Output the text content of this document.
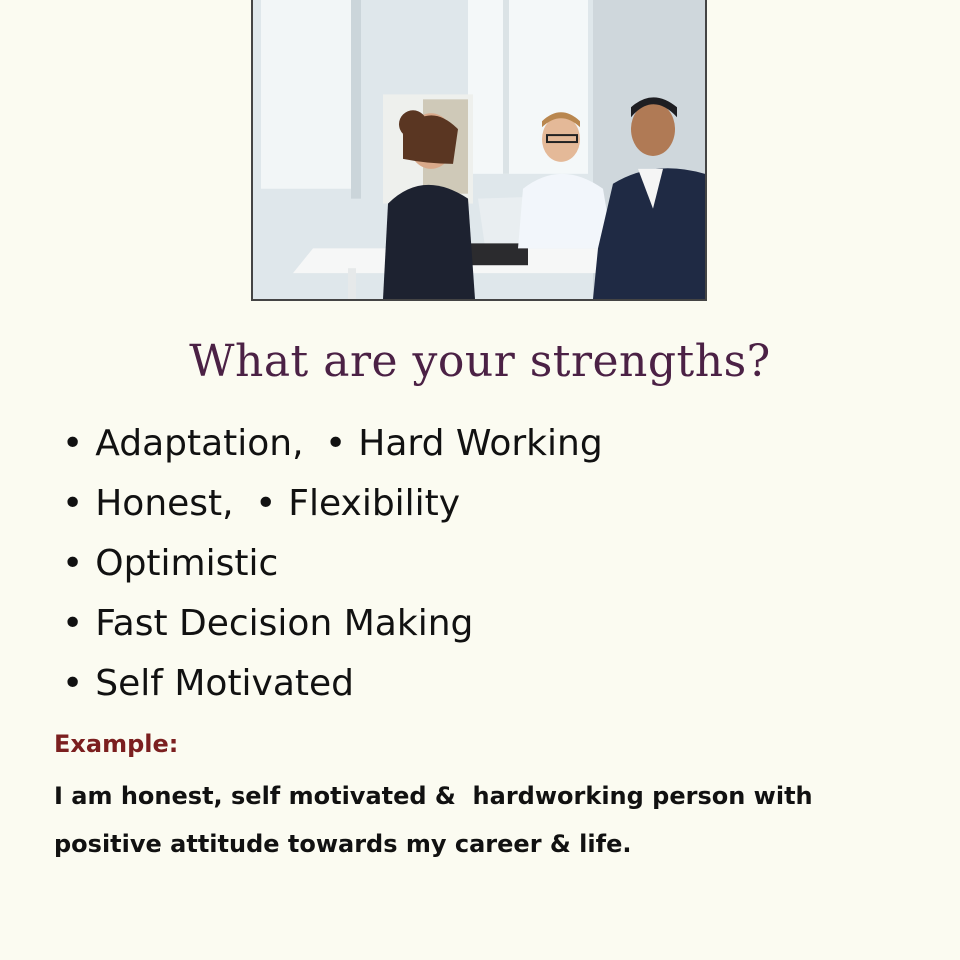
What are your strengths?
• Adaptation, • Hard Working
• Honest, • Flexibility
• Optimistic
• Fast Decision Making
• Self Motivated
Example:
I am honest, self motivated &  hardworking person with
positive attitude towards my career & life.
